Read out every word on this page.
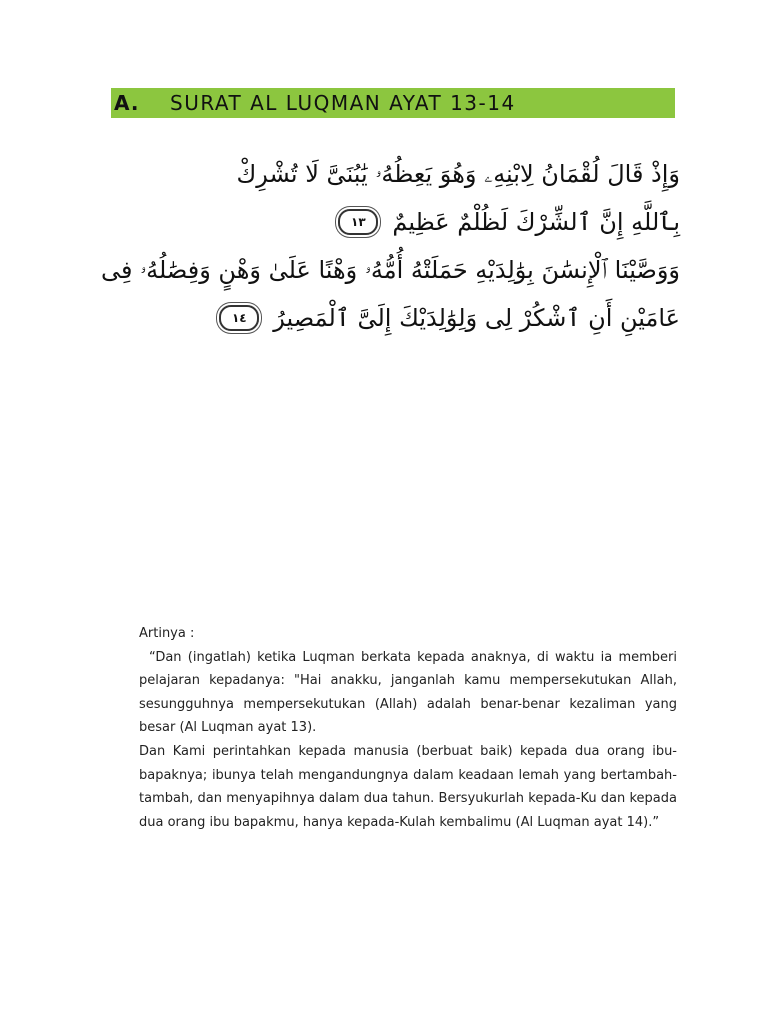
A.	SURAT AL LUQMAN AYAT 13-14
وَإِذْ قَالَ لُقْمَانُ لِابْنِهِۦ وَهُوَ يَعِظُهُۥ يَٰبُنَىَّ لَا تُشْرِكْ
بِٱللَّهِ إِنَّ ٱلشِّرْكَ لَظُلْمٌ عَظِيمٌ
١٣
وَوَصَّيْنَا ٱلْإِنسَٰنَ بِوَٰلِدَيْهِ حَمَلَتْهُ أُمُّهُۥ وَهْنًا عَلَىٰ وَهْنٍ وَفِصَٰلُهُۥ فِى
عَامَيْنِ أَنِ ٱشْكُرْ لِى وَلِوَٰلِدَيْكَ إِلَىَّ ٱلْمَصِيرُ
١٤

Artinya :

“Dan (ingatlah) ketika Luqman berkata kepada anaknya, di waktu ia memberi pelajaran kepadanya: "Hai anakku, janganlah kamu mempersekutukan Allah, sesungguhnya mempersekutukan (Allah) adalah benar-benar kezaliman yang besar (Al Luqman ayat 13).

Dan Kami perintahkan kepada manusia (berbuat baik) kepada dua orang ibu-bapaknya; ibunya telah mengandungnya dalam keadaan lemah yang bertambah-tambah, dan menyapihnya dalam dua tahun. Bersyukurlah kepada-Ku dan kepada dua orang ibu bapakmu, hanya kepada-Kulah kembalimu (Al Luqman ayat 14).”
